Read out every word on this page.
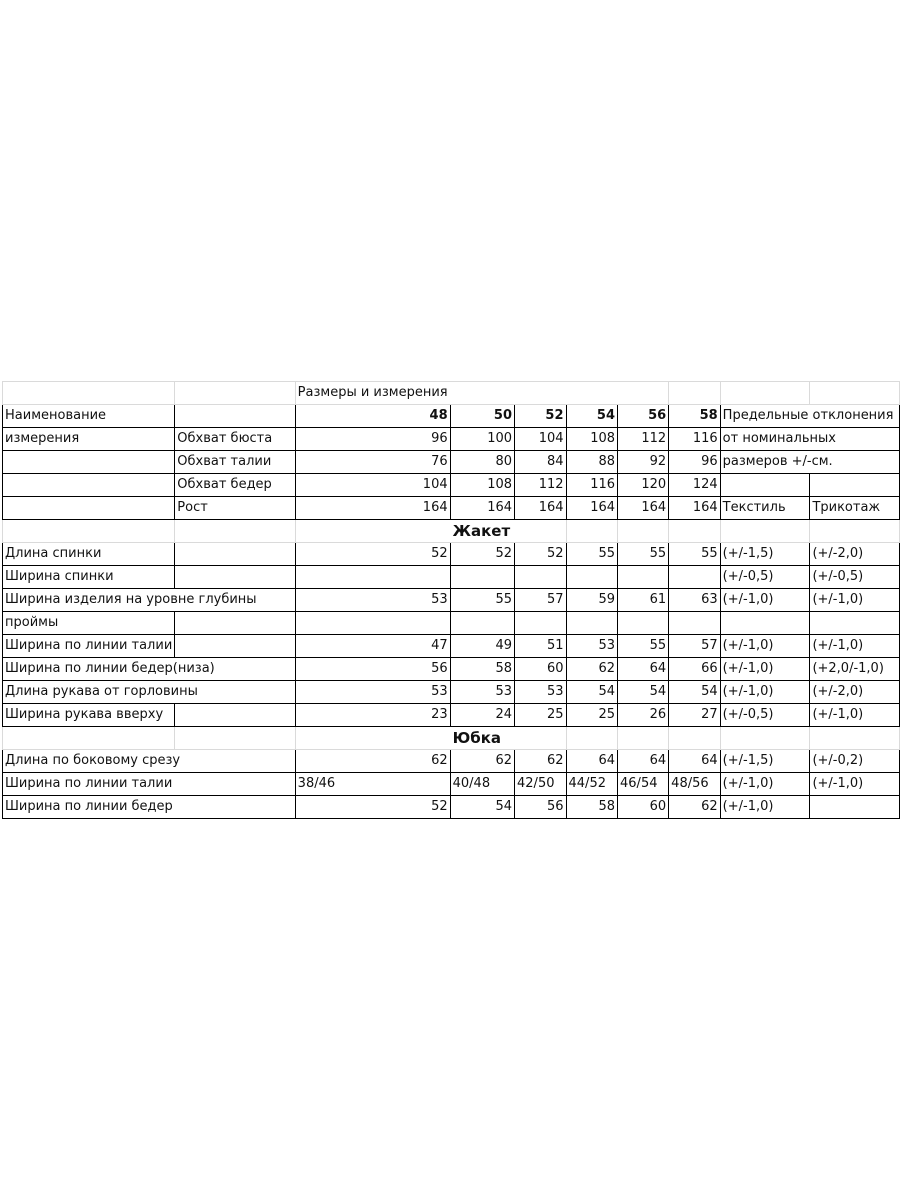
		Размеры и измерения							
Наименование		48	50	52	54	56	58	Предельные отклонения	
измерения	Обхват бюста	96	100	104	108	112	116	от номинальных	
	Обхват талии	76	80	84	88	92	96	размеров +/-см.	
	Обхват бедер	104	108	112	116	120	124		
	Рост	164	164	164	164	164	164	Текстиль	Трикотаж
			Жакет						
Длина спинки		52	52	52	55	55	55	(+/-1,5)	(+/-2,0)
Ширина спинки								(+/-0,5)	(+/-0,5)
Ширина изделия на уровне глубины		53	55	57	59	61	63	(+/-1,0)	(+/-1,0)
проймы									
Ширина по линии талии		47	49	51	53	55	57	(+/-1,0)	(+/-1,0)
Ширина по линии бедер(низа)		56	58	60	62	64	66	(+/-1,0)	(+2,0/-1,0)
Длина рукава от горловины		53	53	53	54	54	54	(+/-1,0)	(+/-2,0)
Ширина рукава вверху		23	24	25	25	26	27	(+/-0,5)	(+/-1,0)
			Юбка						
Длина по боковому срезу		62	62	62	64	64	64	(+/-1,5)	(+/-0,2)
Ширина по линии талии		38/46	40/48	42/50	44/52	46/54	48/56	(+/-1,0)	(+/-1,0)
Ширина по линии бедер		52	54	56	58	60	62	(+/-1,0)	
